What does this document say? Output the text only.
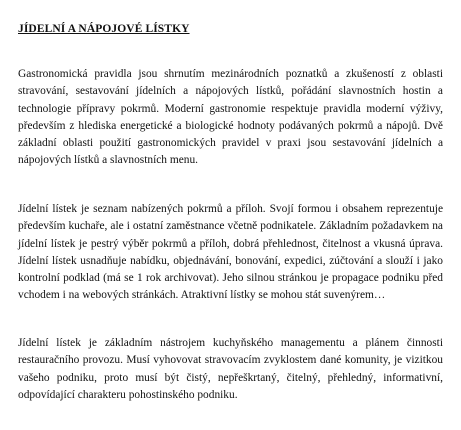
JÍDELNÍ A NÁPOJOVÉ LÍSTKY

Gastronomická pravidla jsou shrnutím mezinárodních poznatků a zkušeností z oblasti
stravování, sestavování jídelních a nápojových lístků, pořádání slavnostních hostin a
technologie přípravy pokrmů. Moderní gastronomie respektuje pravidla moderní výživy,
především z hlediska energetické a biologické hodnoty podávaných pokrmů a nápojů. Dvě
základní oblasti použití gastronomických pravidel v praxi jsou sestavování jídelních a
nápojových lístků a slavnostních menu.

Jídelní lístek je seznam nabízených pokrmů a příloh. Svojí formou i obsahem reprezentuje
především kuchaře, ale i ostatní zaměstnance včetně podnikatele. Základním požadavkem na
jídelní lístek je pestrý výběr pokrmů a příloh, dobrá přehlednost, čitelnost a vkusná úprava.
Jídelní lístek usnadňuje nabídku, objednávání, bonování, expedici, zúčtování a slouží i jako
kontrolní podklad (má se 1 rok archivovat). Jeho silnou stránkou je propagace podniku před
vchodem i na webových stránkách. Atraktivní lístky se mohou stát suvenýrem…

Jídelní lístek je základním nástrojem kuchyňského managementu a plánem činnosti
restauračního provozu. Musí vyhovovat stravovacím zvyklostem dané komunity, je vizitkou
vašeho podniku, proto musí být čistý, nepřeškrtaný, čitelný, přehledný, informativní,
odpovídající charakteru pohostinského podniku.
